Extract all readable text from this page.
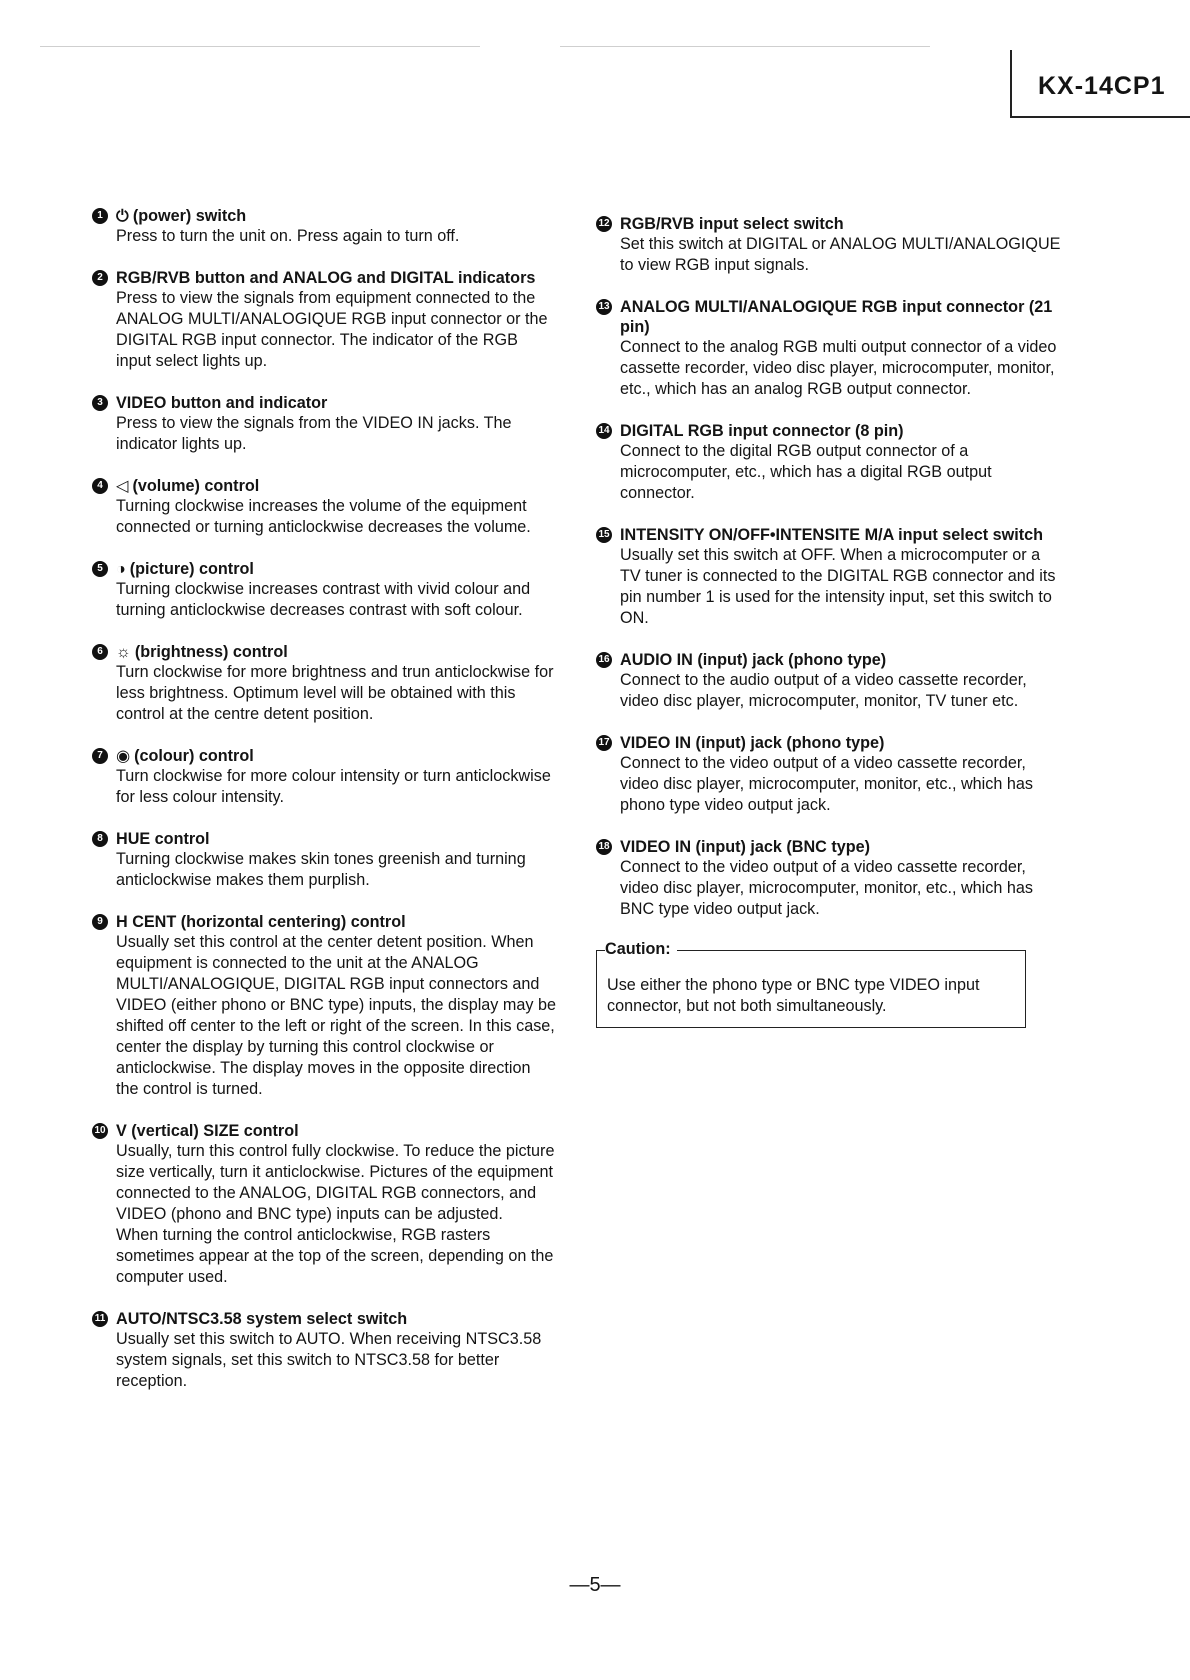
KX-14CP1
1 ⏻ (power) switch
Press to turn the unit on. Press again to turn off.
2 RGB/RVB button and ANALOG and DIGITAL indicators
Press to view the signals from equipment connected to the ANALOG MULTI/ANALOGIQUE RGB input connector or the DIGITAL RGB input connector. The indicator of the RGB input select lights up.
3 VIDEO button and indicator
Press to view the signals from the VIDEO IN jacks. The indicator lights up.
4 ◁ (volume) control
Turning clockwise increases the volume of the equipment connected or turning anticlockwise decreases the volume.
5 ◑ (picture) control
Turning clockwise increases contrast with vivid colour and turning anticlockwise decreases contrast with soft colour.
6 ☼ (brightness) control
Turn clockwise for more brightness and trun anticlockwise for less brightness. Optimum level will be obtained with this control at the centre detent position.
7 ◉ (colour) control
Turn clockwise for more colour intensity or turn anticlockwise for less colour intensity.
8 HUE control
Turning clockwise makes skin tones greenish and turning anticlockwise makes them purplish.
9 H CENT (horizontal centering) control
Usually set this control at the center detent position. When equipment is connected to the unit at the ANALOG MULTI/ANALOGIQUE, DIGITAL RGB input connectors and VIDEO (either phono or BNC type) inputs, the display may be shifted off center to the left or right of the screen. In this case, center the display by turning this control clockwise or anticlockwise. The display moves in the opposite direction the control is turned.
10 V (vertical) SIZE control
Usually, turn this control fully clockwise. To reduce the picture size vertically, turn it anticlockwise. Pictures of the equipment connected to the ANALOG, DIGITAL RGB connectors, and VIDEO (phono and BNC type) inputs can be adjusted.
When turning the control anticlockwise, RGB rasters sometimes appear at the top of the screen, depending on the computer used.
11 AUTO/NTSC3.58 system select switch
Usually set this switch to AUTO. When receiving NTSC3.58 system signals, set this switch to NTSC3.58 for better reception.
12 RGB/RVB input select switch
Set this switch at DIGITAL or ANALOG MULTI/ANALOGIQUE to view RGB input signals.
13 ANALOG MULTI/ANALOGIQUE RGB input connector (21 pin)
Connect to the analog RGB multi output connector of a video cassette recorder, video disc player, microcomputer, monitor, etc., which has an analog RGB output connector.
14 DIGITAL RGB input connector (8 pin)
Connect to the digital RGB output connector of a microcomputer, etc., which has a digital RGB output connector.
15 INTENSITY ON/OFF•INTENSITE M/A input select switch
Usually set this switch at OFF. When a microcomputer or a TV tuner is connected to the DIGITAL RGB connector and its pin number 1 is used for the intensity input, set this switch to ON.
16 AUDIO IN (input) jack (phono type)
Connect to the audio output of a video cassette recorder, video disc player, microcomputer, monitor, TV tuner etc.
17 VIDEO IN (input) jack (phono type)
Connect to the video output of a video cassette recorder, video disc player, microcomputer, monitor, etc., which has phono type video output jack.
18 VIDEO IN (input) jack (BNC type)
Connect to the video output of a video cassette recorder, video disc player, microcomputer, monitor, etc., which has BNC type video output jack.
Caution:
Use either the phono type or BNC type VIDEO input connector, but not both simultaneously.
—5—
